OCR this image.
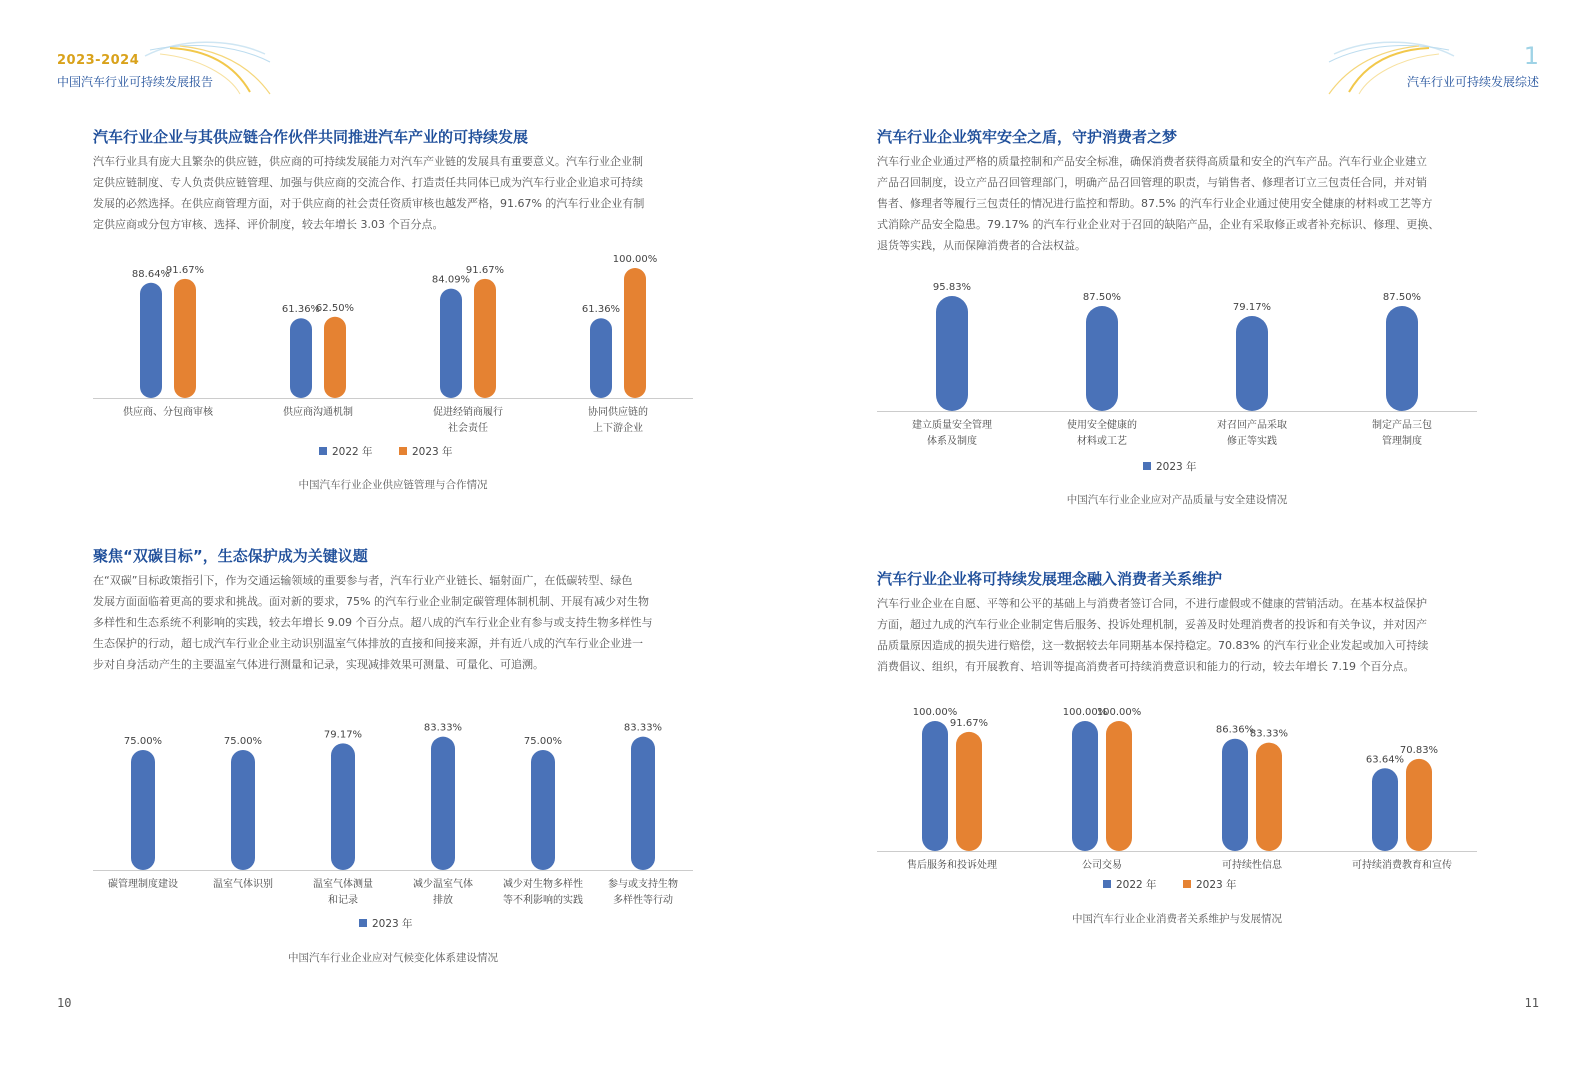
2023-2024
中国汽车行业可持续发展报告
汽车行业企业与其供应链合作伙伴共同推进汽车产业的可持续发展
汽车行业具有庞大且繁杂的供应链，供应商的可持续发展能力对汽车产业链的发展具有重要意义。汽车行业企业制
定供应链制度、专人负责供应链管理、加强与供应商的交流合作、打造责任共同体已成为汽车行业企业追求可持续
发展的必然选择。在供应商管理方面，对于供应商的社会责任资质审核也越发严格，91.67% 的汽车行业企业有制
定供应商或分包方审核、选择、评价制度，较去年增长 3.03 个百分点。
88.64%
91.67%
供应商、分包商审核
61.36%
62.50%
供应商沟通机制
84.09%
91.67%
促进经销商履行
社会责任
61.36%
100.00%
协同供应链的
上下游企业
2022 年	2023 年
中国汽车行业企业供应链管理与合作情况
聚焦“双碳目标”，生态保护成为关键议题
在“双碳”目标政策指引下，作为交通运输领域的重要参与者，汽车行业产业链长、辐射面广，在低碳转型、绿色
发展方面面临着更高的要求和挑战。面对新的要求，75% 的汽车行业企业制定碳管理体制机制、开展有减少对生物
多样性和生态系统不利影响的实践，较去年增长 9.09 个百分点。超八成的汽车行业企业有参与或支持生物多样性与
生态保护的行动，超七成汽车行业企业主动识别温室气体排放的直接和间接来源，并有近八成的汽车行业企业进一
步对自身活动产生的主要温室气体进行测量和记录，实现减排效果可测量、可量化、可追溯。
75.00%
碳管理制度建设
75.00%
温室气体识别
79.17%
温室气体测量
和记录
83.33%
减少温室气体
排放
75.00%
减少对生物多样性
等不利影响的实践
83.33%
参与或支持生物
多样性等行动
2023 年
中国汽车行业企业应对气候变化体系建设情况
10
1
汽车行业可持续发展综述
汽车行业企业筑牢安全之盾，守护消费者之梦
汽车行业企业通过严格的质量控制和产品安全标准，确保消费者获得高质量和安全的汽车产品。汽车行业企业建立
产品召回制度，设立产品召回管理部门，明确产品召回管理的职责，与销售者、修理者订立三包责任合同，并对销
售者、修理者等履行三包责任的情况进行监控和帮助。87.5% 的汽车行业企业通过使用安全健康的材料或工艺等方
式消除产品安全隐患。79.17% 的汽车行业企业对于召回的缺陷产品，企业有采取修正或者补充标识、修理、更换、
退货等实践，从而保障消费者的合法权益。
95.83%
建立质量安全管理
体系及制度
87.50%
使用安全健康的
材料或工艺
79.17%
对召回产品采取
修正等实践
87.50%
制定产品三包
管理制度
2023 年
中国汽车行业企业应对产品质量与安全建设情况
汽车行业企业将可持续发展理念融入消费者关系维护
汽车行业企业在自愿、平等和公平的基础上与消费者签订合同，不进行虚假或不健康的营销活动。在基本权益保护
方面，超过九成的汽车行业企业制定售后服务、投诉处理机制，妥善及时处理消费者的投诉和有关争议，并对因产
品质量原因造成的损失进行赔偿，这一数据较去年同期基本保持稳定。70.83% 的汽车行业企业发起或加入可持续
消费倡议、组织，有开展教育、培训等提高消费者可持续消费意识和能力的行动，较去年增长 7.19 个百分点。
100.00%
91.67%
售后服务和投诉处理
100.00%
100.00%
公司交易
86.36%
83.33%
可持续性信息
63.64%
70.83%
可持续消费教育和宣传
2022 年	2023 年
中国汽车行业企业消费者关系维护与发展情况
11
